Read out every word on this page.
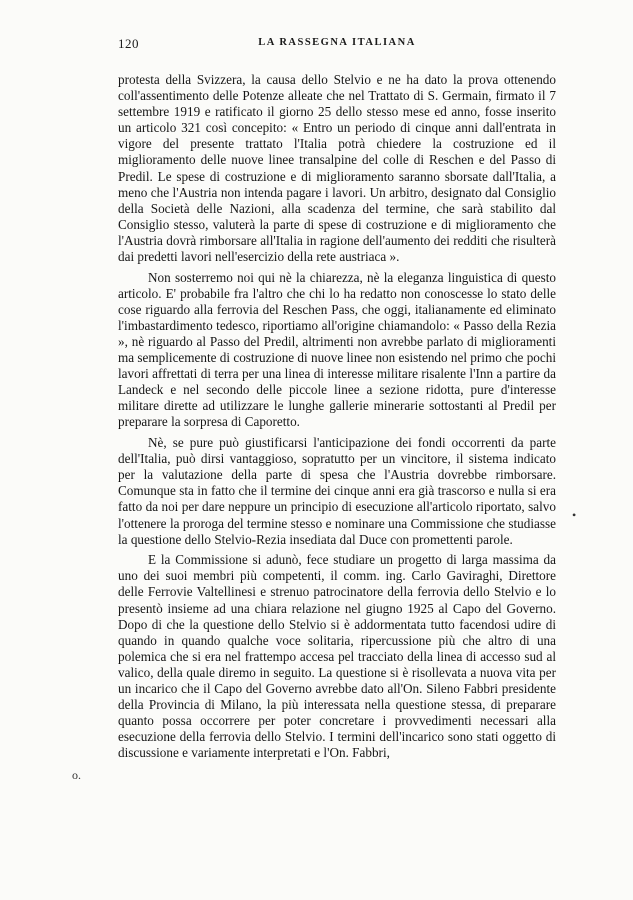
120	LA RASSEGNA ITALIANA

protesta della Svizzera, la causa dello Stelvio e ne ha dato la prova ottenendo coll'assentimento delle Potenze alleate che nel Trattato di S. Germain, firmato il 7 settembre 1919 e ratificato il giorno 25 dello stesso mese ed anno, fosse inserito un articolo 321 così concepito: « Entro un periodo di cinque anni dall'entrata in vigore del presente trattato l'Italia potrà chiedere la costruzione ed il miglioramento delle nuove linee transalpine del colle di Reschen e del Passo di Predil. Le spese di costruzione e di miglioramento saranno sborsate dall'Italia, a meno che l'Austria non intenda pagare i lavori. Un arbitro, designato dal Consiglio della Società delle Nazioni, alla scadenza del termine, che sarà stabilito dal Consiglio stesso, valuterà la parte di spese di costruzione e di miglioramento che l'Austria dovrà rimborsare all'Italia in ragione dell'aumento dei redditi che risulterà dai predetti lavori nell'esercizio della rete austriaca ».

Non sosterremo noi qui nè la chiarezza, nè la eleganza linguistica di questo articolo. E' probabile fra l'altro che chi lo ha redatto non conoscesse lo stato delle cose riguardo alla ferrovia del Reschen Pass, che oggi, italianamente ed eliminato l'imbastardimento tedesco, riportiamo all'origine chiamandolo: « Passo della Rezia », nè riguardo al Passo del Predil, altrimenti non avrebbe parlato di miglioramenti ma semplicemente di costruzione di nuove linee non esistendo nel primo che pochi lavori affrettati di terra per una linea di interesse militare risalente l'Inn a partire da Landeck e nel secondo delle piccole linee a sezione ridotta, pure d'interesse militare dirette ad utilizzare le lunghe gallerie minerarie sottostanti al Predil per preparare la sorpresa di Caporetto.

Nè, se pure può giustificarsi l'anticipazione dei fondi occorrenti da parte dell'Italia, può dirsi vantaggioso, sopratutto per un vincitore, il sistema indicato per la valutazione della parte di spesa che l'Austria dovrebbe rimborsare. Comunque sta in fatto che il termine dei cinque anni era già trascorso e nulla si era fatto da noi per dare neppure un principio di esecuzione all'articolo riportato, salvo l'ottenere la proroga del termine stesso e nominare una Commissione che studiasse la questione dello Stelvio-Rezia insediata dal Duce con promettenti parole.

E la Commissione si adunò, fece studiare un progetto di larga massima da uno dei suoi membri più competenti, il comm. ing. Carlo Gaviraghi, Direttore delle Ferrovie Valtellinesi e strenuo patrocinatore della ferrovia dello Stelvio e lo presentò insieme ad una chiara relazione nel giugno 1925 al Capo del Governo. Dopo di che la questione dello Stelvio si è addormentata tutto facendosi udire di quando in quando qualche voce solitaria, ripercussione più che altro di una polemica che si era nel frattempo accesa pel tracciato della linea di accesso sud al valico, della quale diremo in seguito. La questione si è risollevata a nuova vita per un incarico che il Capo del Governo avrebbe dato all'On. Sileno Fabbri presidente della Provincia di Milano, la più interessata nella questione stessa, di preparare quanto possa occorrere per poter concretare i provvedimenti necessari alla esecuzione della ferrovia dello Stelvio. I termini dell'incarico sono stati oggetto di discussione e variamente interpretati e l'On. Fabbri,

•
o.
